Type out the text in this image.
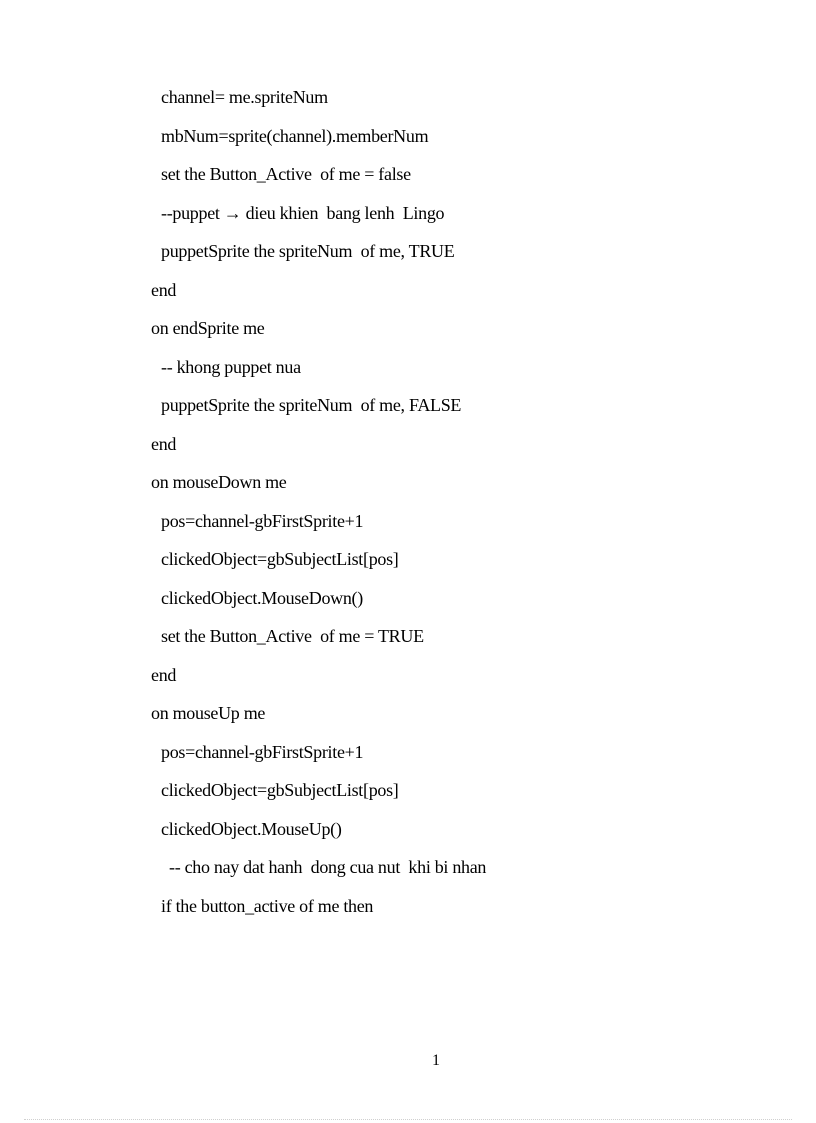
channel= me.spriteNum
mbNum=sprite(channel).memberNum
set the Button_Active  of me = false
--puppet → dieu khien  bang lenh  Lingo
puppetSprite the spriteNum  of me, TRUE
end
on endSprite me
-- khong puppet nua
puppetSprite the spriteNum  of me, FALSE
end
on mouseDown me
pos=channel-gbFirstSprite+1
clickedObject=gbSubjectList[pos]
clickedObject.MouseDown()
set the Button_Active  of me = TRUE
end
on mouseUp me
pos=channel-gbFirstSprite+1
clickedObject=gbSubjectList[pos]
clickedObject.MouseUp()
-- cho nay dat hanh  dong cua nut  khi bi nhan
if the button_active of me then
1
